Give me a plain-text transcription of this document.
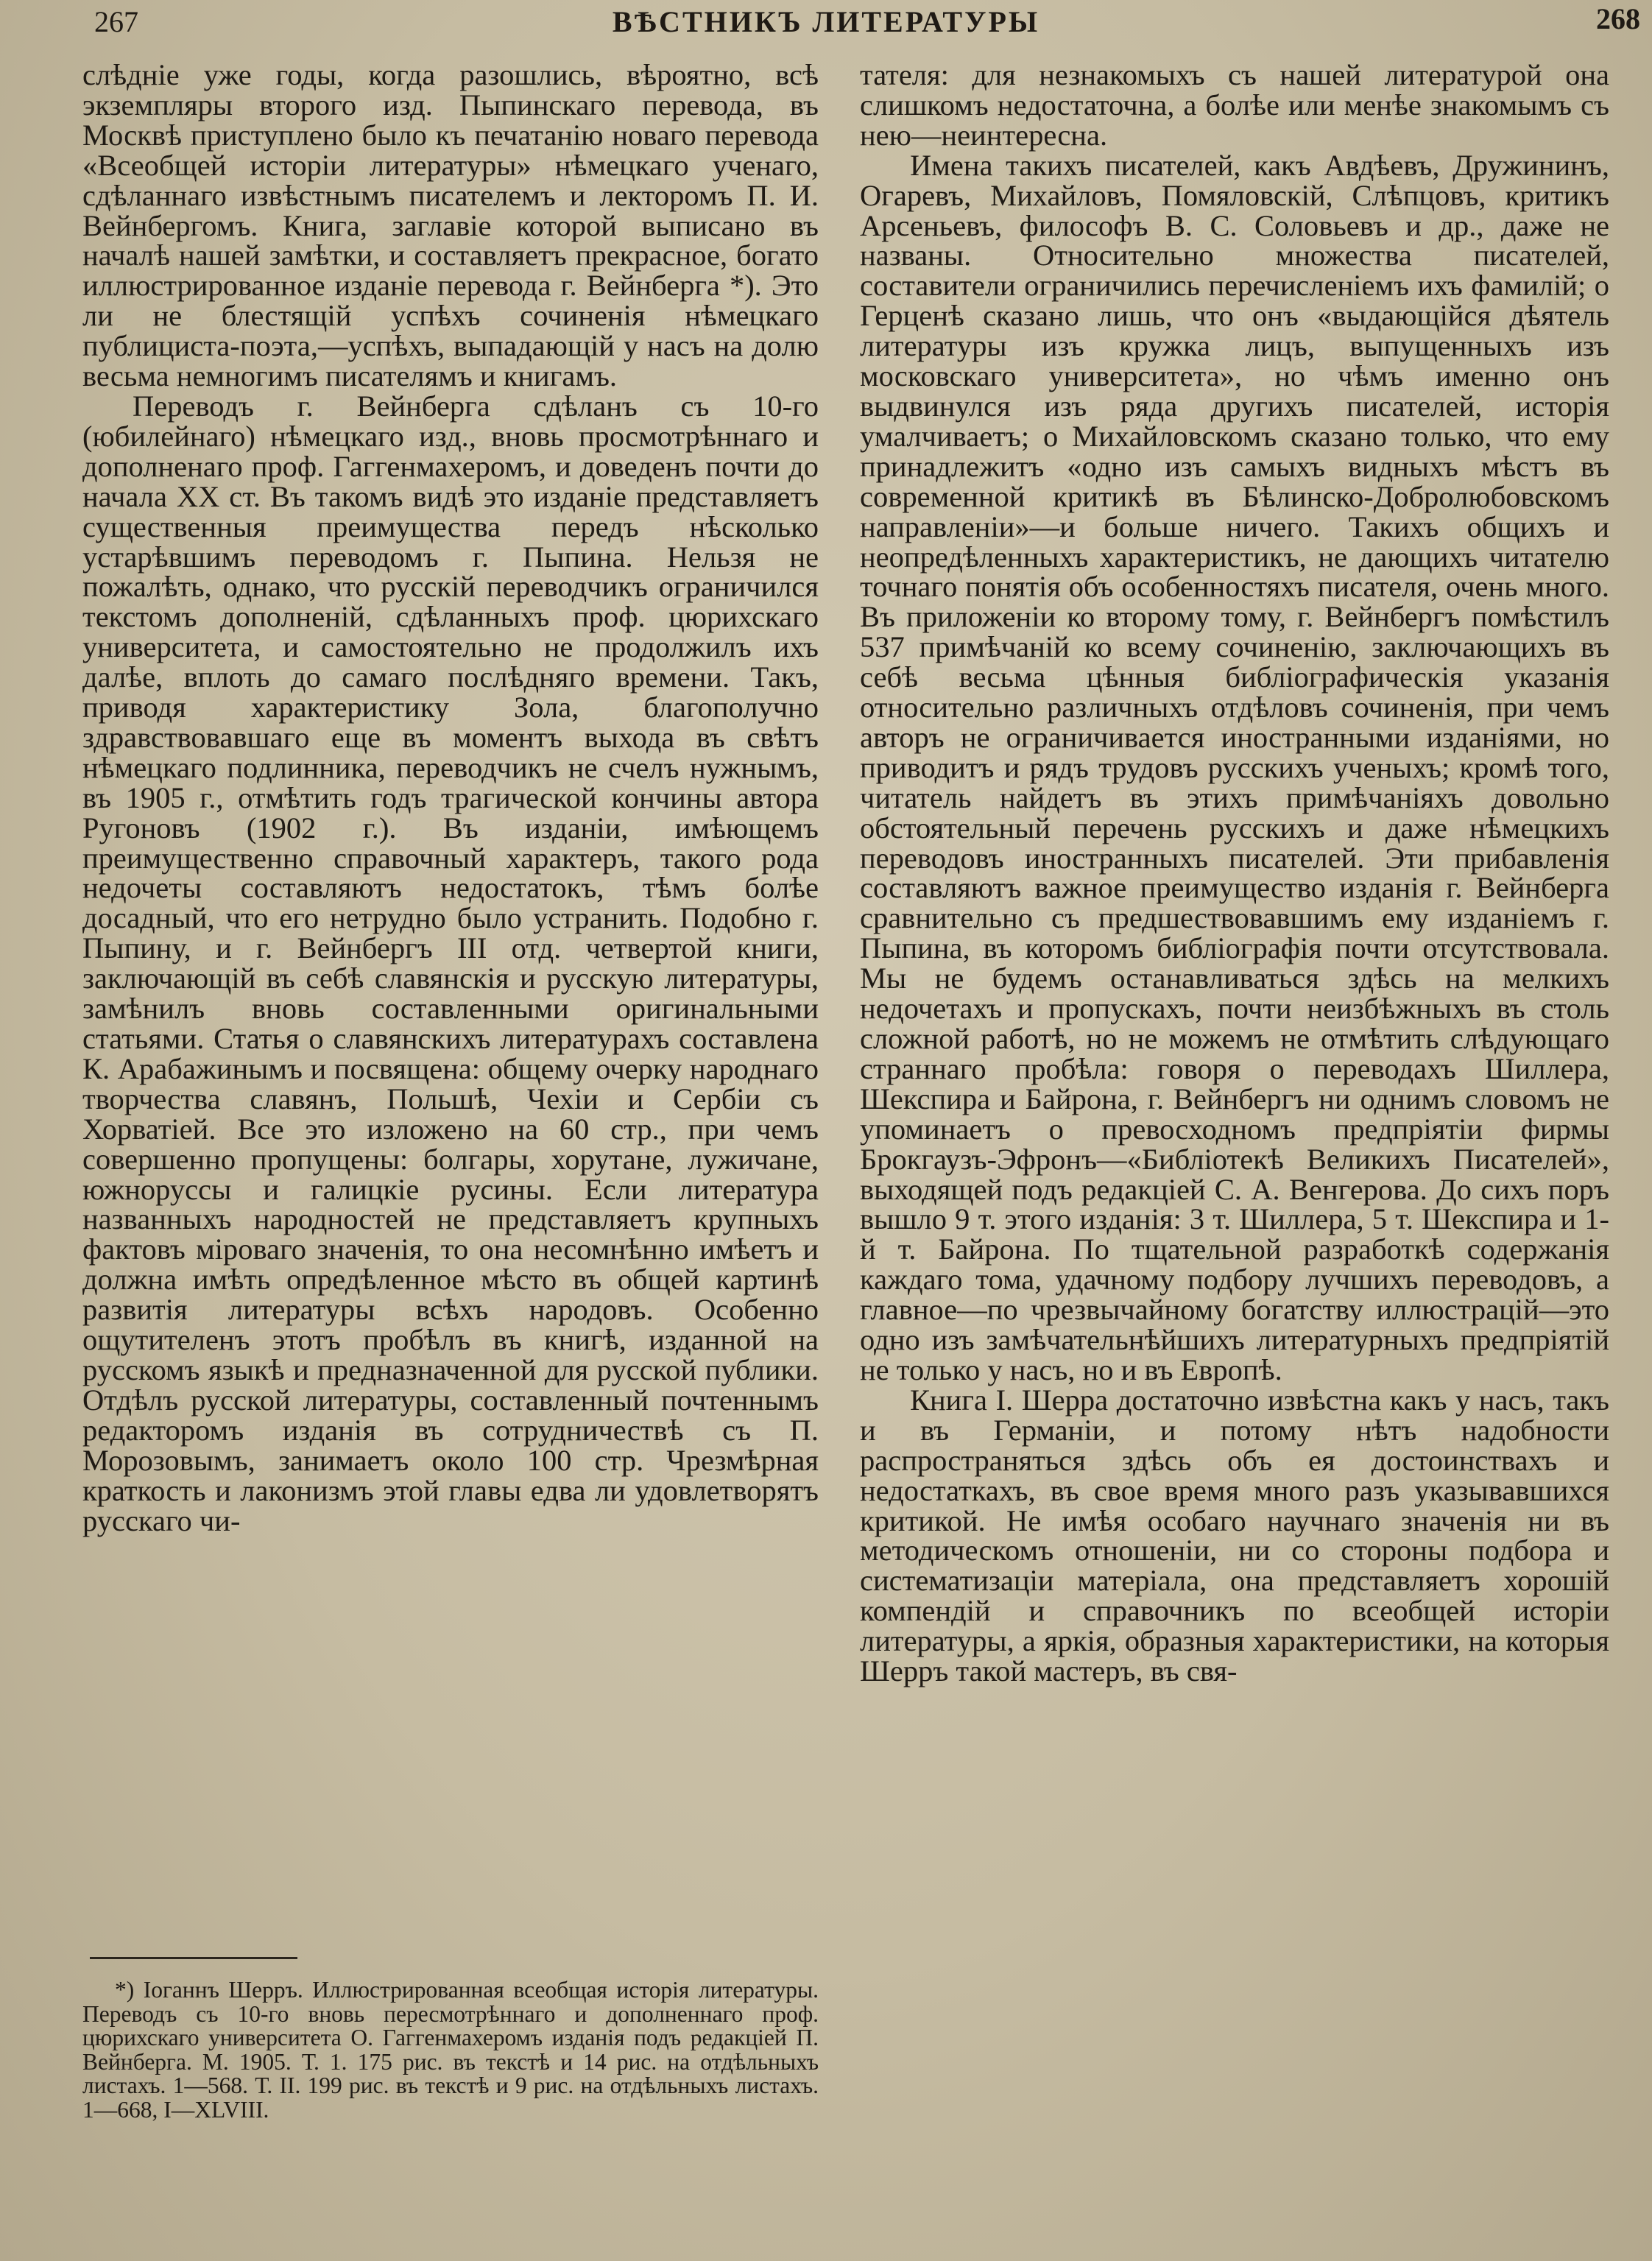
267	ВѢСТНИКЪ ЛИТЕРАТУРЫ	268

слѣдніе уже годы, когда разошлись, вѣроятно, всѣ экземпляры второго изд. Пыпинскаго перевода, въ Москвѣ приступлено было къ печатанію новаго перевода «Всеобщей исторіи литературы» нѣмецкаго ученаго, сдѣланнаго извѣстнымъ писателемъ и лекторомъ П. И. Вейнбергомъ. Книга, заглавіе которой выписано въ началѣ нашей замѣтки, и составляетъ прекрасное, богато иллюстрированное изданіе перевода г. Вейнберга *). Это ли не блестящій успѣхъ сочиненія нѣмецкаго публициста-поэта,—успѣхъ, выпадающій у насъ на долю весьма немногимъ писателямъ и книгамъ.

Переводъ г. Вейнберга сдѣланъ съ 10-го (юбилейнаго) нѣмецкаго изд., вновь просмотрѣннаго и дополненаго проф. Гаггенмахеромъ, и доведенъ почти до начала XX ст. Въ такомъ видѣ это изданіе представляетъ существенныя преимущества передъ нѣсколько устарѣвшимъ переводомъ г. Пыпина. Нельзя не пожалѣть, однако, что русскій переводчикъ ограничился текстомъ дополненій, сдѣланныхъ проф. цюрихскаго университета, и самостоятельно не продолжилъ ихъ далѣе, вплоть до самаго послѣдняго времени. Такъ, приводя характеристику Зола, благополучно здравствовавшаго еще въ моментъ выхода въ свѣтъ нѣмецкаго подлинника, переводчикъ не счелъ нужнымъ, въ 1905 г., отмѣтить годъ трагической кончины автора Ругоновъ (1902 г.). Въ изданіи, имѣющемъ преимущественно справочный характеръ, такого рода недочеты составляютъ недостатокъ, тѣмъ болѣе досадный, что его нетрудно было устранить. Подобно г. Пыпину, и г. Вейнбергъ III отд. четвертой книги, заключающій въ себѣ славянскія и русскую литературы, замѣнилъ вновь составленными оригинальными статьями. Статья о славянскихъ литературахъ составлена К. Арабажинымъ и посвящена: общему очерку народнаго творчества славянъ, Польшѣ, Чехіи и Сербіи съ Хорватіей. Все это изложено на 60 стр., при чемъ совершенно пропущены: болгары, хорутане, лужичане, южноруссы и галицкіе русины. Если литература названныхъ народностей не представляетъ крупныхъ фактовъ міроваго значенія, то она несомнѣнно имѣетъ и должна имѣть опредѣленное мѣсто въ общей картинѣ развитія литературы всѣхъ народовъ. Особенно ощутителенъ этотъ пробѣлъ въ книгѣ, изданной на русскомъ языкѣ и предназначенной для русской публики. Отдѣлъ русской литературы, составленный почтеннымъ редакторомъ изданія въ сотрудничествѣ съ П. Морозовымъ, занимаетъ около 100 стр. Чрезмѣрная краткость и лаконизмъ этой главы едва ли удовлетворятъ русскаго чи-

тателя: для незнакомыхъ съ нашей литературой она слишкомъ недостаточна, а болѣе или менѣе знакомымъ съ нею—неинтересна.

Имена такихъ писателей, какъ Авдѣевъ, Дружининъ, Огаревъ, Михайловъ, Помяловскій, Слѣпцовъ, критикъ Арсеньевъ, философъ В. С. Соловьевъ и др., даже не названы. Относительно множества писателей, составители ограничились перечисленіемъ ихъ фамилій; о Герценѣ сказано лишь, что онъ «выдающійся дѣятель литературы изъ кружка лицъ, выпущенныхъ изъ московскаго университета», но чѣмъ именно онъ выдвинулся изъ ряда другихъ писателей, исторія умалчиваетъ; о Михайловскомъ сказано только, что ему принадлежитъ «одно изъ самыхъ видныхъ мѣстъ въ современной критикѣ въ Бѣлинско-Добролюбовскомъ направленіи»—и больше ничего. Такихъ общихъ и неопредѣленныхъ характеристикъ, не дающихъ читателю точнаго понятія объ особенностяхъ писателя, очень много. Въ приложеніи ко второму тому, г. Вейнбергъ помѣстилъ 537 примѣчаній ко всему сочиненію, заключающихъ въ себѣ весьма цѣнныя библіографическія указанія относительно различныхъ отдѣловъ сочиненія, при чемъ авторъ не ограничивается иностранными изданіями, но приводитъ и рядъ трудовъ русскихъ ученыхъ; кромѣ того, читатель найдетъ въ этихъ примѣчаніяхъ довольно обстоятельный перечень русскихъ и даже нѣмецкихъ переводовъ иностранныхъ писателей. Эти прибавленія составляютъ важное преимущество изданія г. Вейнберга сравнительно съ предшествовавшимъ ему изданіемъ г. Пыпина, въ которомъ библіографія почти отсутствовала. Мы не будемъ останавливаться здѣсь на мелкихъ недочетахъ и пропускахъ, почти неизбѣжныхъ въ столь сложной работѣ, но не можемъ не отмѣтить слѣдующаго страннаго пробѣла: говоря о переводахъ Шиллера, Шекспира и Байрона, г. Вейнбергъ ни однимъ словомъ не упоминаетъ о превосходномъ предпріятіи фирмы Брокгаузъ-Эфронъ—«Библіотекѣ Великихъ Писателей», выходящей подъ редакціей С. А. Венгерова. До сихъ поръ вышло 9 т. этого изданія: 3 т. Шиллера, 5 т. Шекспира и 1-й т. Байрона. По тщательной разработкѣ содержанія каждаго тома, удачному подбору лучшихъ переводовъ, а главное—по чрезвычайному богатству иллюстрацій—это одно изъ замѣчательнѣйшихъ литературныхъ предпріятій не только у насъ, но и въ Европѣ.

Книга I. Шерра достаточно извѣстна какъ у насъ, такъ и въ Германіи, и потому нѣтъ надобности распространяться здѣсь объ ея достоинствахъ и недостаткахъ, въ свое время много разъ указывавшихся критикой. Не имѣя особаго научнаго значенія ни въ методическомъ отношеніи, ни со стороны подбора и систематизаціи матеріала, она представляетъ хорошій компендій и справочникъ по всеобщей исторіи литературы, а яркія, образныя характеристики, на которыя Шерръ такой мастеръ, въ свя-

*) Іоганнъ Шерръ. Иллюстрированная всеобщая исторія литературы. Переводъ съ 10-го вновь пересмотрѣннаго и дополненнаго проф. цюрихскаго университета О. Гаггенмахеромъ изданія подъ редакціей П. Вейнберга. М. 1905. Т. 1. 175 рис. въ текстѣ и 14 рис. на отдѣльныхъ листахъ. 1—568. Т. II. 199 рис. въ текстѣ и 9 рис. на отдѣльныхъ листахъ. 1—668, I—XLVIII.
